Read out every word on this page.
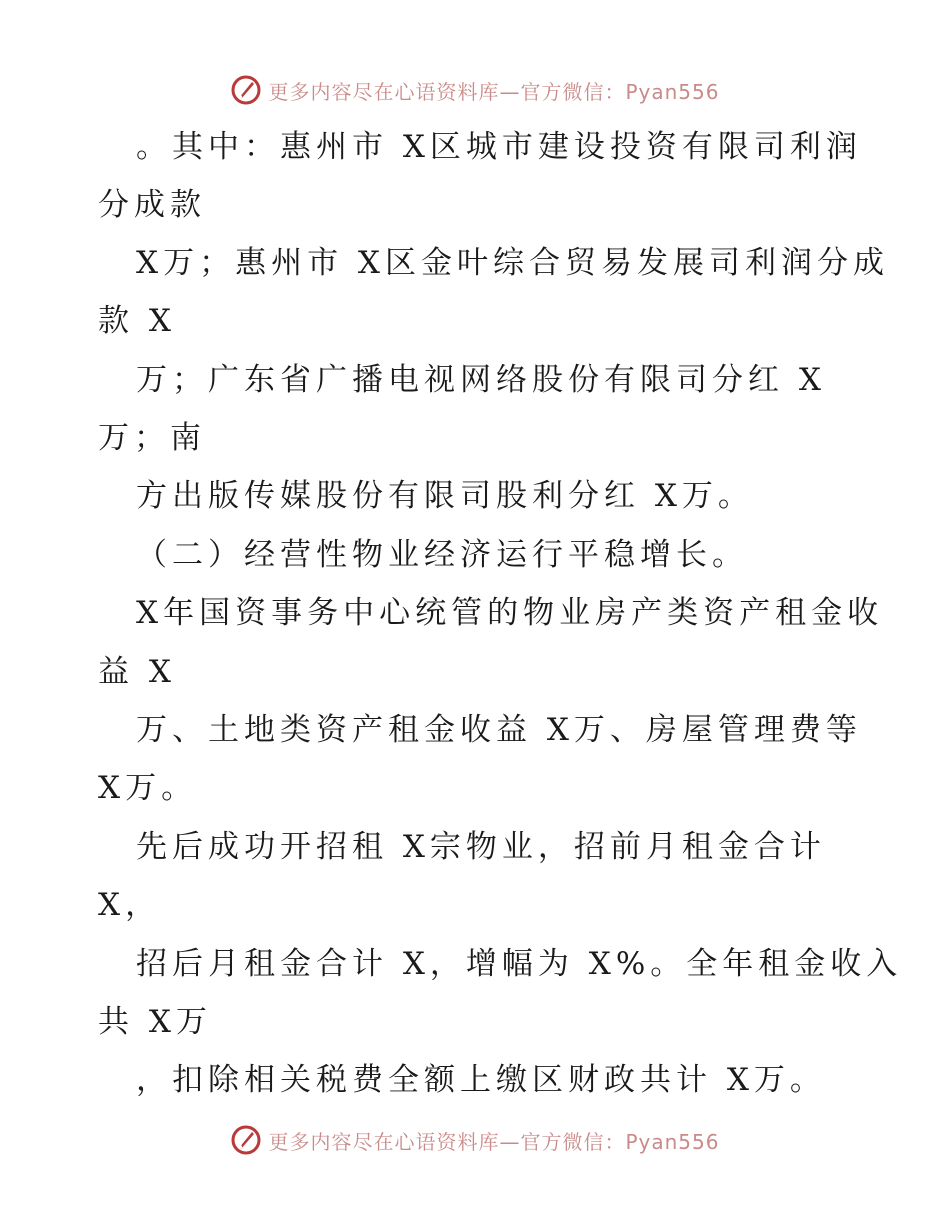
更多内容尽在心语资料库—官方微信：Pyan556
。其中：惠州市 X区城市建设投资有限司利润
分成款
X万；惠州市 X区金叶综合贸易发展司利润分成
款 X
万；广东省广播电视网络股份有限司分红 X
万；南
方出版传媒股份有限司股利分红 X万。
（二）经营性物业经济运行平稳增长。
X年国资事务中心统管的物业房产类资产租金收
益 X
万、土地类资产租金收益 X万、房屋管理费等
X万。
先后成功开招租 X宗物业，招前月租金合计
X，
招后月租金合计 X，增幅为 X%。全年租金收入
共 X万
，扣除相关税费全额上缴区财政共计 X万。
更多内容尽在心语资料库—官方微信：Pyan556
